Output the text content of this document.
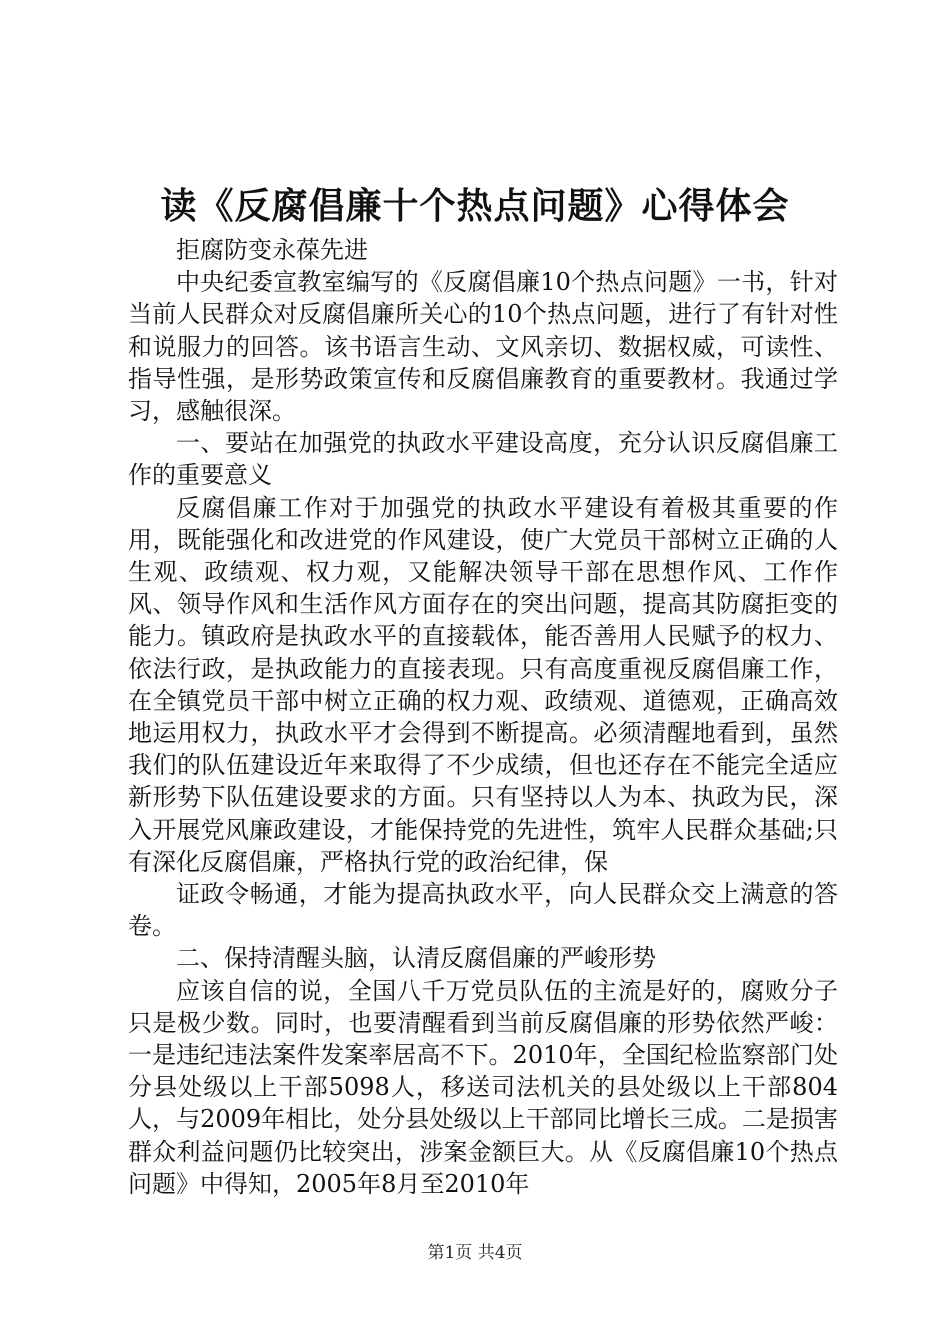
读《反腐倡廉十个热点问题》心得体会

拒腐防变永葆先进

中央纪委宣教室编写的《反腐倡廉10个热点问题》一书，针对当前人民群众对反腐倡廉所关心的10个热点问题，进行了有针对性和说服力的回答。该书语言生动、文风亲切、数据权威，可读性、指导性强，是形势政策宣传和反腐倡廉教育的重要教材。我通过学习，感触很深。

一、要站在加强党的执政水平建设高度，充分认识反腐倡廉工作的重要意义

反腐倡廉工作对于加强党的执政水平建设有着极其重要的作用，既能强化和改进党的作风建设，使广大党员干部树立正确的人生观、政绩观、权力观，又能解决领导干部在思想作风、工作作风、领导作风和生活作风方面存在的突出问题，提高其防腐拒变的能力。镇政府是执政水平的直接载体，能否善用人民赋予的权力、依法行政，是执政能力的直接表现。只有高度重视反腐倡廉工作，在全镇党员干部中树立正确的权力观、政绩观、道德观，正确高效地运用权力，执政水平才会得到不断提高。必须清醒地看到，虽然我们的队伍建设近年来取得了不少成绩，但也还存在不能完全适应新形势下队伍建设要求的方面。只有坚持以人为本、执政为民，深入开展党风廉政建设，才能保持党的先进性，筑牢人民群众基础;只有深化反腐倡廉，严格执行党的政治纪律，保

证政令畅通，才能为提高执政水平，向人民群众交上满意的答卷。

二、保持清醒头脑，认清反腐倡廉的严峻形势

应该自信的说，全国八千万党员队伍的主流是好的，腐败分子只是极少数。同时，也要清醒看到当前反腐倡廉的形势依然严峻：一是违纪违法案件发案率居高不下。2010年，全国纪检监察部门处分县处级以上干部5098人，移送司法机关的县处级以上干部804人，与2009年相比，处分县处级以上干部同比增长三成。二是损害群众利益问题仍比较突出，涉案金额巨大。从《反腐倡廉10个热点问题》中得知，2005年8月至2010年

第1页 共4页
